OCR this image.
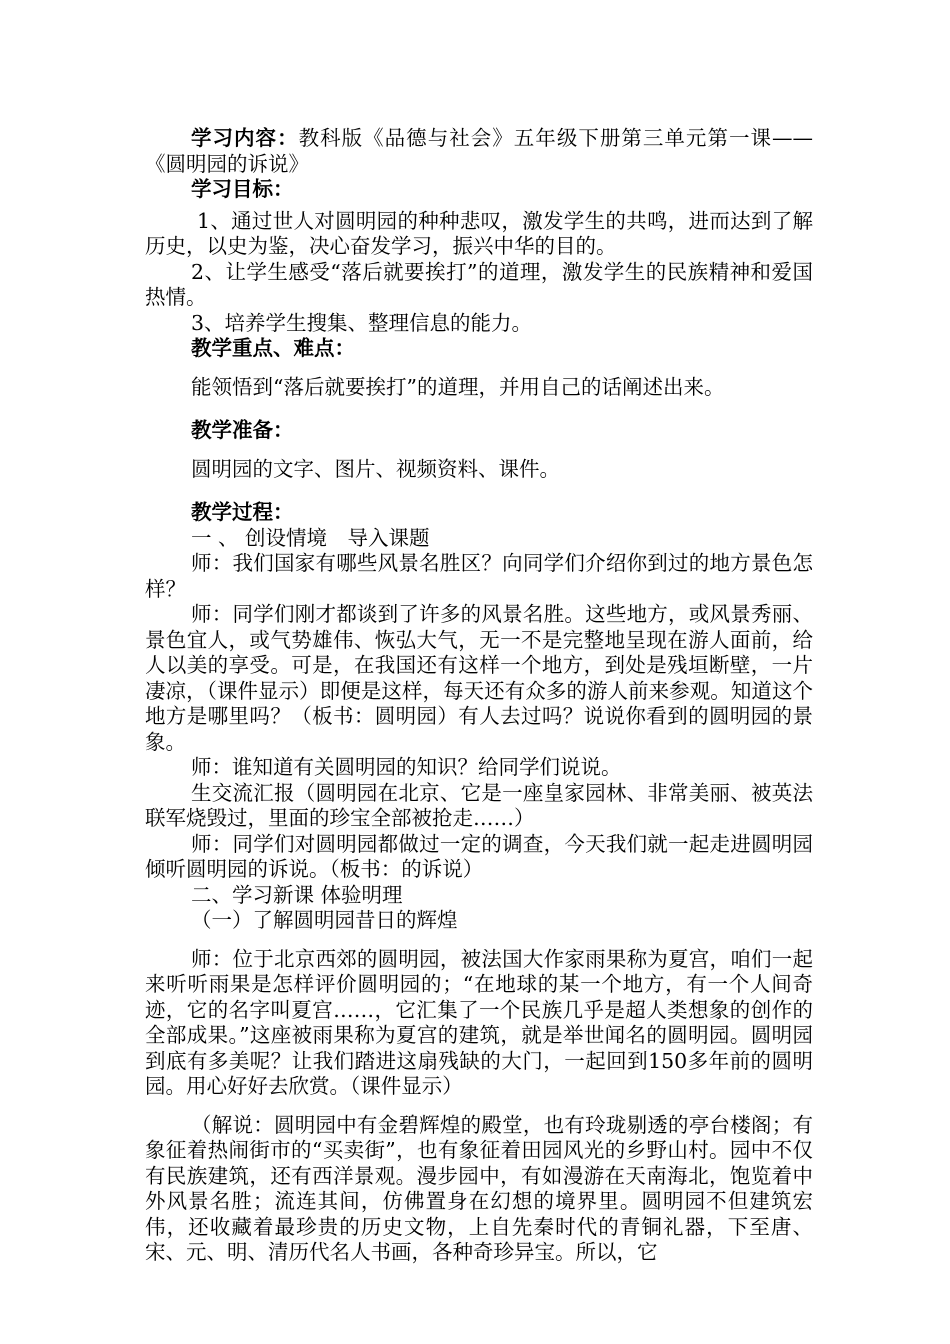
学习内容：教科版《品德与社会》五年级下册第三单元第一课——《圆明园的诉说》

学习目标：

1、通过世人对圆明园的种种悲叹，激发学生的共鸣，进而达到了解历史，以史为鉴，决心奋发学习，振兴中华的目的。

2、让学生感受“落后就要挨打”的道理，激发学生的民族精神和爱国热情。

3、培养学生搜集、整理信息的能力。

教学重点、难点：

能领悟到“落后就要挨打”的道理，并用自己的话阐述出来。

教学准备：

圆明园的文字、图片、视频资料、课件。

教学过程：

一 、 创设情境　导入课题

师：我们国家有哪些风景名胜区？向同学们介绍你到过的地方景色怎样？

师：同学们刚才都谈到了许多的风景名胜。这些地方，或风景秀丽、景色宜人，或气势雄伟、恢弘大气，无一不是完整地呈现在游人面前，给人以美的享受。可是，在我国还有这样一个地方，到处是残垣断壁，一片凄凉，（课件显示）即便是这样，每天还有众多的游人前来参观。知道这个地方是哪里吗？（板书：圆明园）有人去过吗？说说你看到的圆明园的景象。

师：谁知道有关圆明园的知识？给同学们说说。

生交流汇报（圆明园在北京、它是一座皇家园林、非常美丽、被英法联军烧毁过，里面的珍宝全部被抢走……）

师：同学们对圆明园都做过一定的调查，今天我们就一起走进圆明园倾听圆明园的诉说。（板书：的诉说）

二、学习新课 体验明理

（一）了解圆明园昔日的辉煌

师：位于北京西郊的圆明园，被法国大作家雨果称为夏宫，咱们一起来听听雨果是怎样评价圆明园的；“在地球的某一个地方，有一个人间奇迹，它的名字叫夏宫……，它汇集了一个民族几乎是超人类想象的创作的全部成果。”这座被雨果称为夏宫的建筑，就是举世闻名的圆明园。圆明园到底有多美呢？让我们踏进这扇残缺的大门，一起回到150多年前的圆明园。用心好好去欣赏。（课件显示）

（解说：圆明园中有金碧辉煌的殿堂，也有玲珑剔透的亭台楼阁；有象征着热闹街市的“买卖街”，也有象征着田园风光的乡野山村。园中不仅有民族建筑，还有西洋景观。漫步园中，有如漫游在天南海北，饱览着中外风景名胜；流连其间，仿佛置身在幻想的境界里。圆明园不但建筑宏伟，还收藏着最珍贵的历史文物，上自先秦时代的青铜礼器，下至唐、宋、元、明、清历代名人书画，各种奇珍异宝。所以，它
